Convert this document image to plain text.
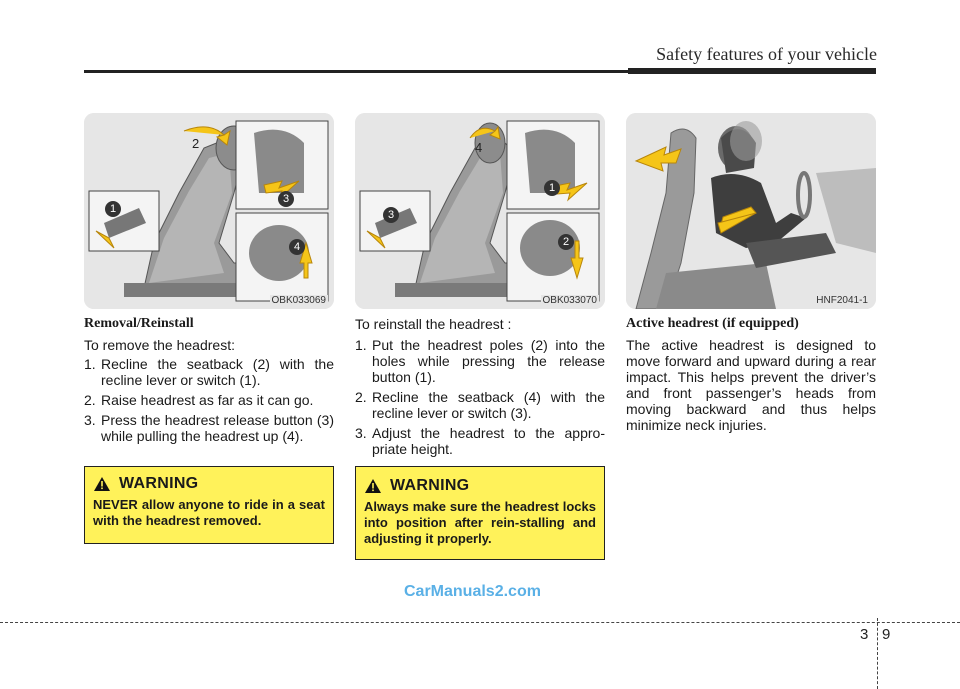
Safety features of your vehicle
1
2
3
4
OBK033069
1
2
3
4
OBK033070	HNF2041-1
Removal/Reinstall
To remove the headrest:
1. Recline the seatback (2) with the recline lever or switch (1).
2. Raise headrest as far as it can go.
3. Press the headrest release button (3) while pulling the headrest up (4).
WARNING
NEVER allow anyone to ride in a seat with the headrest removed.
To reinstall the headrest :
1. Put the headrest poles (2) into the holes while pressing the release button (1).
2. Recline the seatback (4) with the recline lever or switch (3).
3. Adjust the headrest to the appro-priate height.
WARNING
Always make sure the headrest locks into position after rein-stalling and adjusting it properly.
Active headrest (if equipped)
The active headrest is designed to move forward and upward during a rear impact. This helps prevent the driver’s and front passenger’s heads from moving backward and thus helps minimize neck injuries.
CarManuals2.com
3 9
